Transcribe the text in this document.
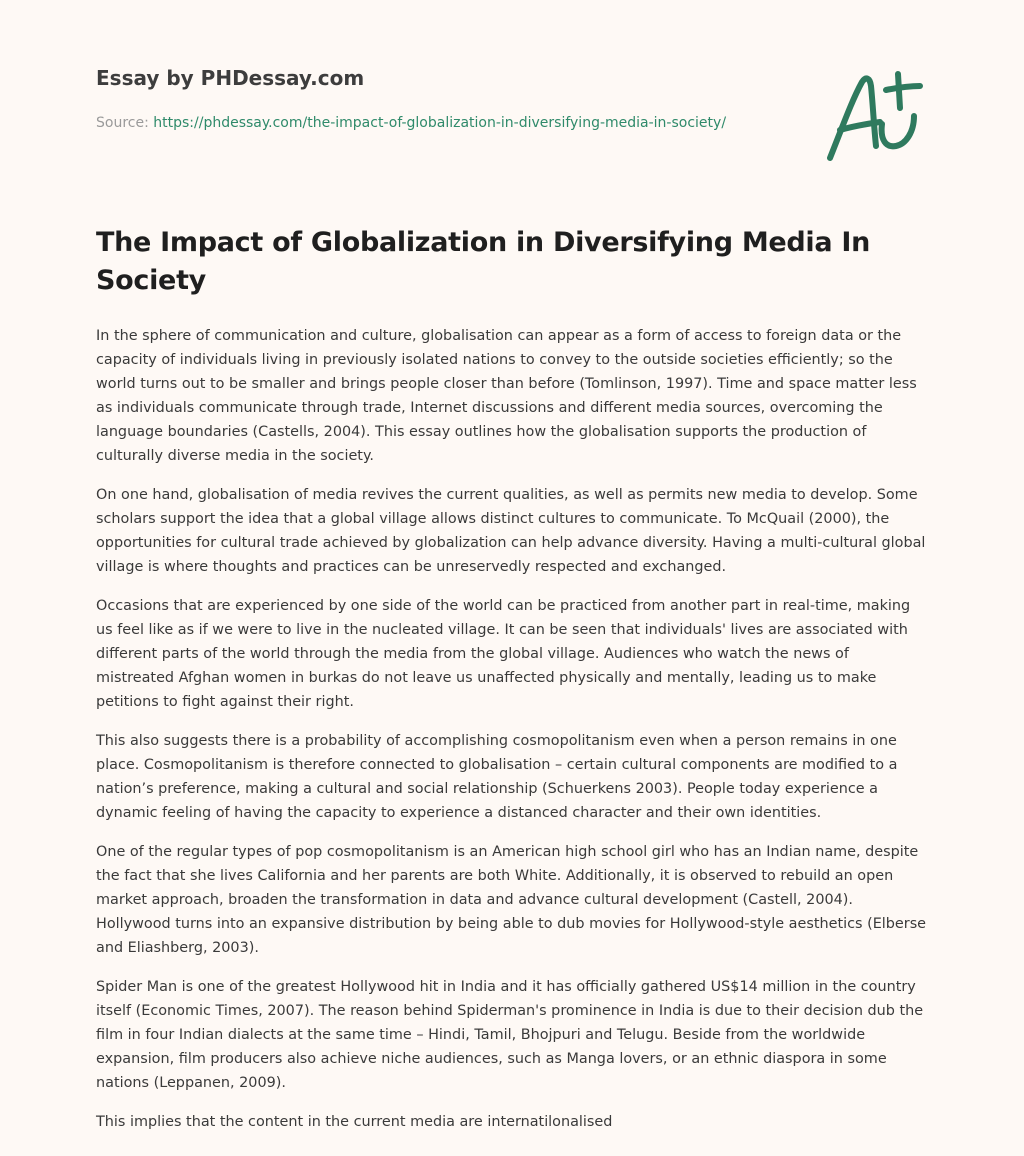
Essay by PHDessay.com
Source: https://phdessay.com/the-impact-of-globalization-in-diversifying-media-in-society/
The Impact of Globalization in Diversifying Media In Society

In the sphere of communication and culture, globalisation can appear as a form of access to foreign data or the capacity of individuals living in previously isolated nations to convey to the outside societies efficiently; so the world turns out to be smaller and brings people closer than before (Tomlinson, 1997). Time and space matter less as individuals communicate through trade, Internet discussions and different media sources, overcoming the language boundaries (Castells, 2004). This essay outlines how the globalisation supports the production of culturally diverse media in the society.

On one hand, globalisation of media revives the current qualities, as well as permits new media to develop. Some scholars support the idea that a global village allows distinct cultures to communicate. To McQuail (2000), the opportunities for cultural trade achieved by globalization can help advance diversity. Having a multi-cultural global village is where thoughts and practices can be unreservedly respected and exchanged.

Occasions that are experienced by one side of the world can be practiced from another part in real-time, making us feel like as if we were to live in the nucleated village. It can be seen that individuals' lives are associated with different parts of the world through the media from the global village. Audiences who watch the news of mistreated Afghan women in burkas do not leave us unaffected physically and mentally, leading us to make petitions to fight against their right.

This also suggests there is a probability of accomplishing cosmopolitanism even when a person remains in one place. Cosmopolitanism is therefore connected to globalisation – certain cultural components are modified to a nation’s preference, making a cultural and social relationship (Schuerkens 2003). People today experience a dynamic feeling of having the capacity to experience a distanced character and their own identities.

One of the regular types of pop cosmopolitanism is an American high school girl who has an Indian name, despite the fact that she lives California and her parents are both White. Additionally, it is observed to rebuild an open market approach, broaden the transformation in data and advance cultural development (Castell, 2004). Hollywood turns into an expansive distribution by being able to dub movies for Hollywood-style aesthetics (Elberse and Eliashberg, 2003).

Spider Man is one of the greatest Hollywood hit in India and it has officially gathered US$14 million in the country itself (Economic Times, 2007). The reason behind Spiderman's prominence in India is due to their decision dub the film in four Indian dialects at the same time – Hindi, Tamil, Bhojpuri and Telugu. Beside from the worldwide expansion, film producers also achieve niche audiences, such as Manga lovers, or an ethnic diaspora in some nations (Leppanen, 2009).

This implies that the content in the current media are internatilonalised
